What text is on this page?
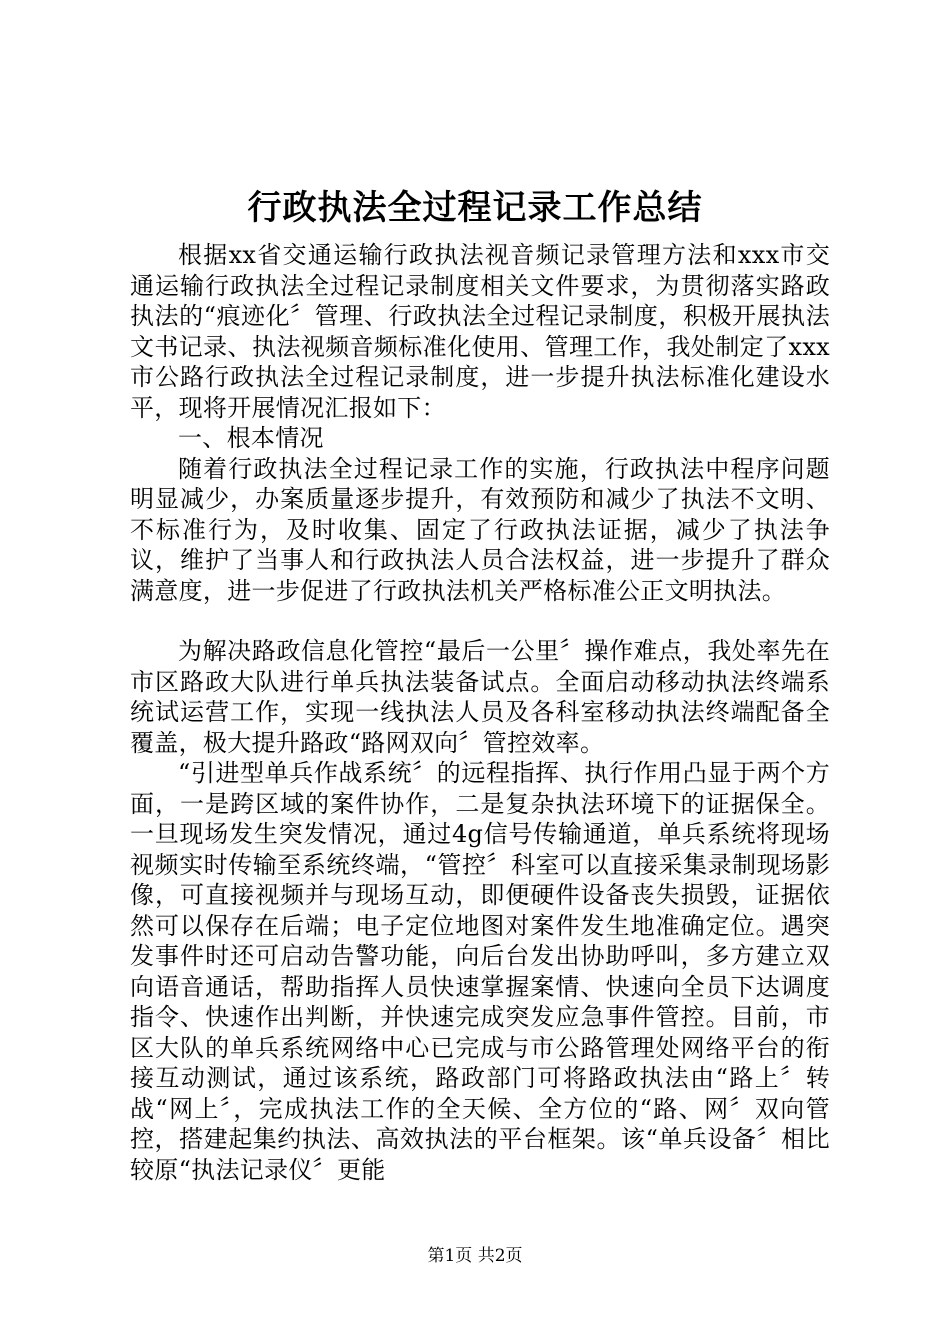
行政执法全过程记录工作总结

根据xx省交通运输行政执法视音频记录管理方法和xxx市交通运输行政执法全过程记录制度相关文件要求，为贯彻落实路政执法的“痕迹化〞管理、行政执法全过程记录制度，积极开展执法文书记录、执法视频音频标准化使用、管理工作，我处制定了xxx市公路行政执法全过程记录制度，进一步提升执法标准化建设水平，现将开展情况汇报如下：

一、根本情况

随着行政执法全过程记录工作的实施，行政执法中程序问题明显减少，办案质量逐步提升，有效预防和减少了执法不文明、不标准行为，及时收集、固定了行政执法证据，减少了执法争议，维护了当事人和行政执法人员合法权益，进一步提升了群众满意度，进一步促进了行政执法机关严格标准公正文明执法。

为解决路政信息化管控“最后一公里〞操作难点，我处率先在市区路政大队进行单兵执法装备试点。全面启动移动执法终端系统试运营工作，实现一线执法人员及各科室移动执法终端配备全覆盖，极大提升路政“路网双向〞管控效率。

“引进型单兵作战系统〞的远程指挥、执行作用凸显于两个方面，一是跨区域的案件协作，二是复杂执法环境下的证据保全。一旦现场发生突发情况，通过4g信号传输通道，单兵系统将现场视频实时传输至系统终端，“管控〞科室可以直接采集录制现场影像，可直接视频并与现场互动，即便硬件设备丧失损毁，证据依然可以保存在后端；电子定位地图对案件发生地准确定位。遇突发事件时还可启动告警功能，向后台发出协助呼叫，多方建立双向语音通话，帮助指挥人员快速掌握案情、快速向全员下达调度指令、快速作出判断，并快速完成突发应急事件管控。目前，市区大队的单兵系统网络中心已完成与市公路管理处网络平台的衔接互动测试，通过该系统，路政部门可将路政执法由“路上〞转战“网上〞，完成执法工作的全天候、全方位的“路、网〞双向管控，搭建起集约执法、高效执法的平台框架。该“单兵设备〞相比较原“执法记录仪〞更能

第1页 共2页
